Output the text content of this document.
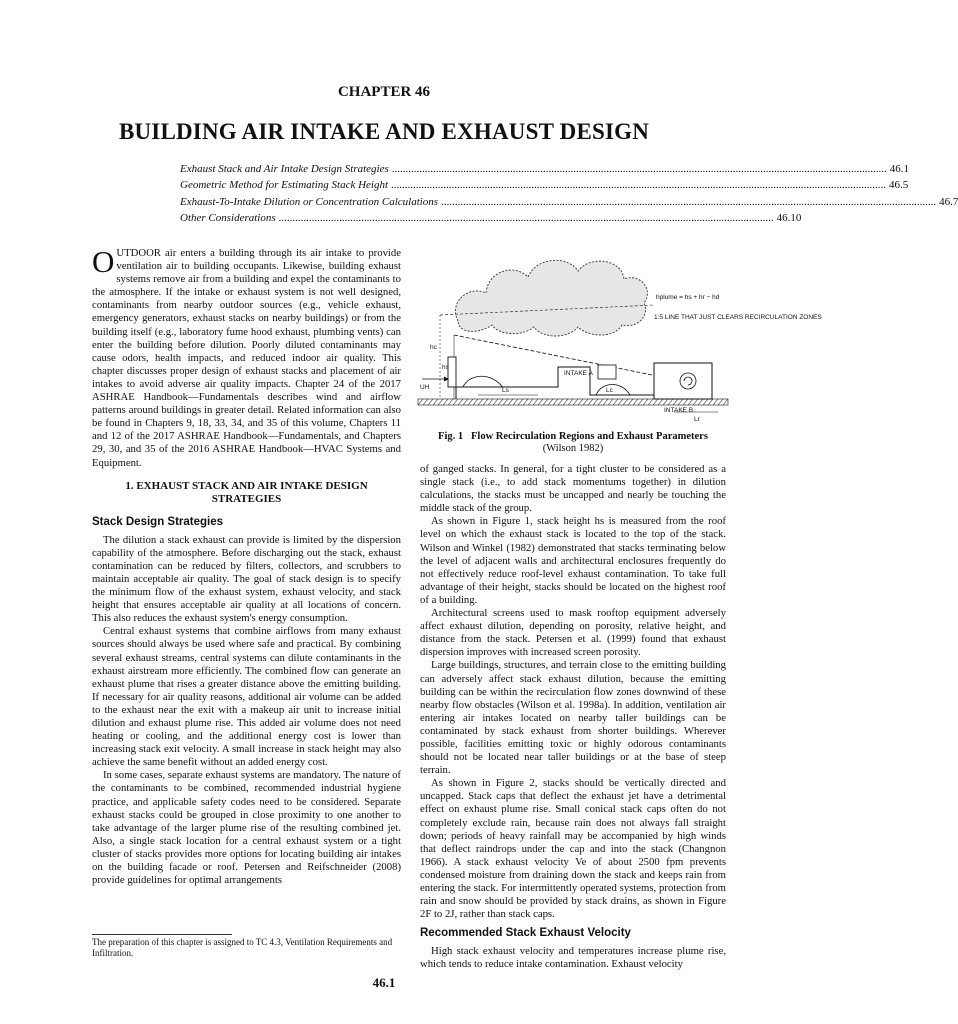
CHAPTER 46
BUILDING AIR INTAKE AND EXHAUST DESIGN
Exhaust Stack and Air Intake Design Strategies .....	46.1
Geometric Method for Estimating Stack Height .....	46.5
Exhaust-To-Intake Dilution or Concentration Calculations .....	46.7
Other Considerations .....	46.10

OUTDOOR air enters a building through its air intake to provide ventilation air to building occupants. Likewise, building exhaust systems remove air from a building and expel the contaminants to the atmosphere. If the intake or exhaust system is not well designed, contaminants from nearby outdoor sources (e.g., vehicle exhaust, emergency generators, exhaust stacks on nearby buildings) or from the building itself (e.g., laboratory fume hood exhaust, plumbing vents) can enter the building before dilution. Poorly diluted contaminants may cause odors, health impacts, and reduced indoor air quality. This chapter discusses proper design of exhaust stacks and placement of air intakes to avoid adverse air quality impacts. Chapter 24 of the 2017 ASHRAE Handbook—Fundamentals describes wind and airflow patterns around buildings in greater detail. Related information can also be found in Chapters 9, 18, 33, 34, and 35 of this volume, Chapters 11 and 12 of the 2017 ASHRAE Handbook—Fundamentals, and Chapters 29, 30, and 35 of the 2016 ASHRAE Handbook—HVAC Systems and Equipment.

1. EXHAUST STACK AND AIR INTAKE DESIGN STRATEGIES
Stack Design Strategies

The dilution a stack exhaust can provide is limited by the dispersion capability of the atmosphere. Before discharging out the stack, exhaust contamination can be reduced by filters, collectors, and scrubbers to maintain acceptable air quality. The goal of stack design is to specify the minimum flow of the exhaust system, exhaust velocity, and stack height that ensures acceptable air quality at all locations of concern. This also reduces the exhaust system's energy consumption.

Central exhaust systems that combine airflows from many exhaust sources should always be used where safe and practical. By combining several exhaust streams, central systems can dilute contaminants in the exhaust airstream more efficiently. The combined flow can generate an exhaust plume that rises a greater distance above the emitting building. If necessary for air quality reasons, additional air volume can be added to the exhaust near the exit with a makeup air unit to increase initial dilution and exhaust plume rise. This added air volume does not need heating or cooling, and the additional energy cost is lower than increasing stack exit velocity. A small increase in stack height may also achieve the same benefit without an added energy cost.

In some cases, separate exhaust systems are mandatory. The nature of the contaminants to be combined, recommended industrial hygiene practice, and applicable safety codes need to be considered. Separate exhaust stacks could be grouped in close proximity to one another to take advantage of the larger plume rise of the resulting combined jet. Also, a single stack location for a central exhaust system or a tight cluster of stacks provides more options for locating building air intakes on the building facade or roof. Petersen and Reifschneider (2008) provide guidelines for optimal arrangements

The preparation of this chapter is assigned to TC 4.3, Ventilation Requirements and Infiltration.
hplume = hs + hr − hd
1:5 LINE THAT JUST CLEARS RECIRCULATION ZONES
INTAKE A
INTAKE B
UH
hc
hs
Ls	Lc
Lr
Fig. 1 Flow Recirculation Regions and Exhaust Parameters
(Wilson 1982)

of ganged stacks. In general, for a tight cluster to be considered as a single stack (i.e., to add stack momentums together) in dilution calculations, the stacks must be uncapped and nearly be touching the middle stack of the group.

As shown in Figure 1, stack height hs is measured from the roof level on which the exhaust stack is located to the top of the stack. Wilson and Winkel (1982) demonstrated that stacks terminating below the level of adjacent walls and architectural enclosures frequently do not effectively reduce roof-level exhaust contamination. To take full advantage of their height, stacks should be located on the highest roof of a building.

Architectural screens used to mask rooftop equipment adversely affect exhaust dilution, depending on porosity, relative height, and distance from the stack. Petersen et al. (1999) found that exhaust dispersion improves with increased screen porosity.

Large buildings, structures, and terrain close to the emitting building can adversely affect stack exhaust dilution, because the emitting building can be within the recirculation flow zones downwind of these nearby flow obstacles (Wilson et al. 1998a). In addition, ventilation air entering air intakes located on nearby taller buildings can be contaminated by stack exhaust from shorter buildings. Wherever possible, facilities emitting toxic or highly odorous contaminants should not be located near taller buildings or at the base of steep terrain.

As shown in Figure 2, stacks should be vertically directed and uncapped. Stack caps that deflect the exhaust jet have a detrimental effect on exhaust plume rise. Small conical stack caps often do not completely exclude rain, because rain does not always fall straight down; periods of heavy rainfall may be accompanied by high winds that deflect raindrops under the cap and into the stack (Changnon 1966). A stack exhaust velocity Ve of about 2500 fpm prevents condensed moisture from draining down the stack and keeps rain from entering the stack. For intermittently operated systems, protection from rain and snow should be provided by stack drains, as shown in Figure 2F to 2J, rather than stack caps.

Recommended Stack Exhaust Velocity

High stack exhaust velocity and temperatures increase plume rise, which tends to reduce intake contamination. Exhaust velocity

46.1
